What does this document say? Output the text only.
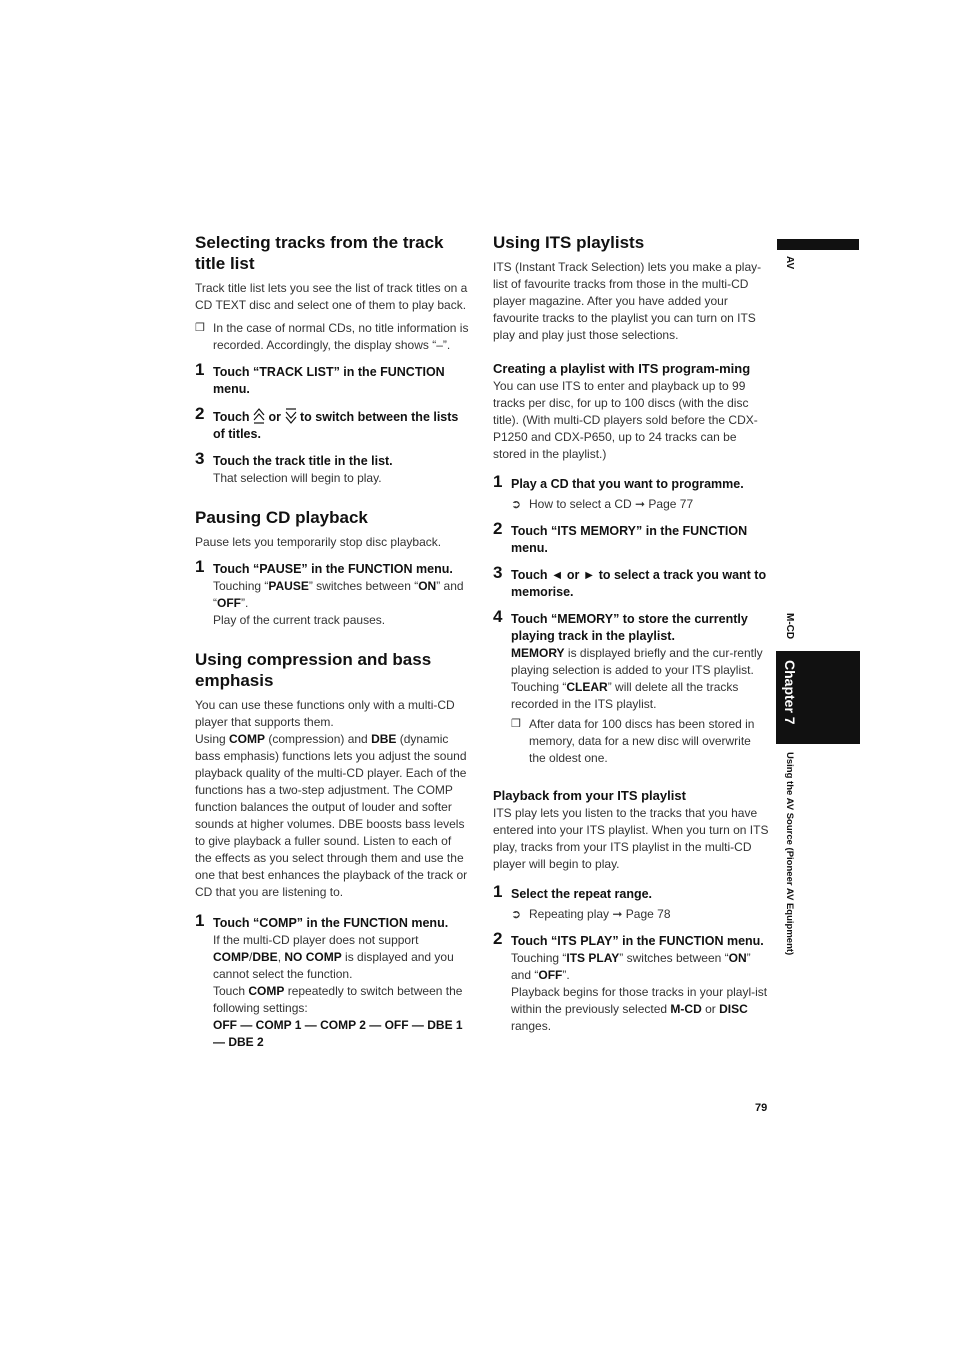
Selecting tracks from the track title list

Track title list lets you see the list of track titles on a CD TEXT disc and select one of them to play back.

❒ In the case of normal CDs, no title information is recorded. Accordingly, the display shows “–”.
1 Touch “TRACK LIST” in the FUNCTION menu.
2 Touch or to switch between the lists of titles.
3 Touch the track title in the list.

That selection will begin to play.

Pausing CD playback

Pause lets you temporarily stop disc playback.

1 Touch “PAUSE” in the FUNCTION menu.

Touching “PAUSE” switches between “ON” and “OFF”.

Play of the current track pauses.

Using compression and bass emphasis

You can use these functions only with a multi-CD player that supports them.

Using COMP (compression) and DBE (dynamic bass emphasis) functions lets you adjust the sound playback quality of the multi-CD player. Each of the functions has a two-step adjustment. The COMP function balances the output of louder and softer sounds at higher volumes. DBE boosts bass levels to give playback a fuller sound. Listen to each of the effects as you select through them and use the one that best enhances the playback of the track or CD that you are listening to.

1 Touch “COMP” in the FUNCTION menu.

If the multi-CD player does not support COMP/DBE, NO COMP is displayed and you cannot select the function.

Touch COMP repeatedly to switch between the following settings:

OFF — COMP 1 — COMP 2 — OFF — DBE 1 — DBE 2

Using ITS playlists

ITS (Instant Track Selection) lets you make a play-list of favourite tracks from those in the multi-CD player magazine. After you have added your favourite tracks to the playlist you can turn on ITS play and play just those selections.

Creating a playlist with ITS program-ming

You can use ITS to enter and playback up to 99 tracks per disc, for up to 100 discs (with the disc title). (With multi-CD players sold before the CDX-P1250 and CDX-P650, up to 24 tracks can be stored in the playlist.)

1 Play a CD that you want to programme.
➲ How to select a CD ➞ Page 77
2 Touch “ITS MEMORY” in the FUNCTION menu.
3 Touch ◄ or ► to select a track you want to memorise.
4 Touch “MEMORY” to store the currently playing track in the playlist.

MEMORY is displayed briefly and the cur-rently playing selection is added to your ITS playlist.

Touching “CLEAR” will delete all the tracks recorded in the ITS playlist.

❒ After data for 100 discs has been stored in memory, data for a new disc will overwrite the oldest one.
Playback from your ITS playlist

ITS play lets you listen to the tracks that you have entered into your ITS playlist. When you turn on ITS play, tracks from your ITS playlist in the multi-CD player will begin to play.

1 Select the repeat range.
➲ Repeating play ➞ Page 78
2 Touch “ITS PLAY” in the FUNCTION menu.

Touching “ITS PLAY” switches between “ON” and “OFF”.

Playback begins for those tracks in your playl-ist within the previously selected M-CD or DISC ranges.

AV
M-CD
Chapter 7
Using the AV Source (Pioneer AV Equipment)
79
